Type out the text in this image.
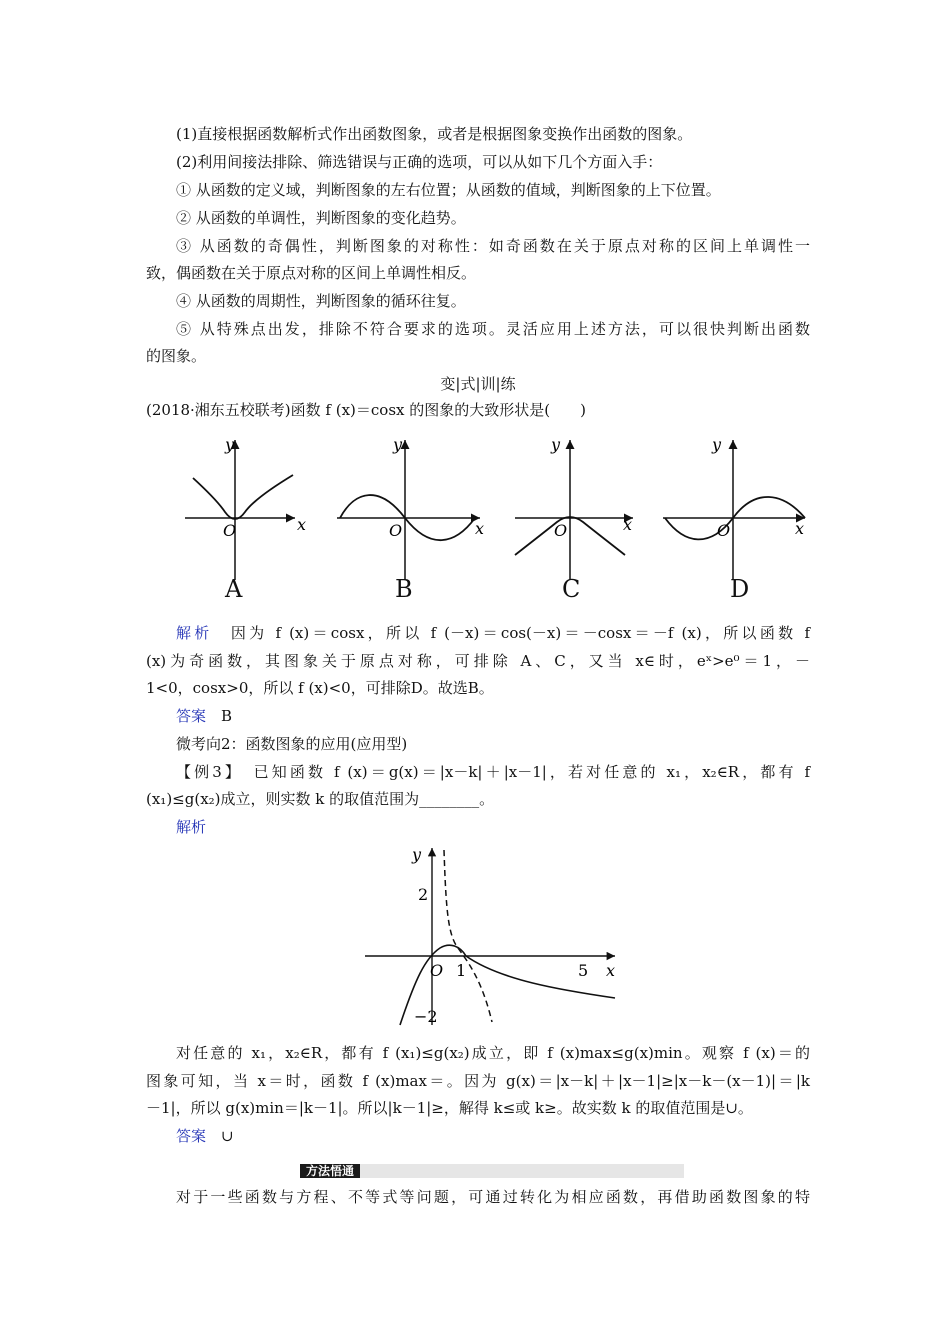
(1)直接根据函数解析式作出函数图象，或者是根据图象变换作出函数的图象。
(2)利用间接法排除、筛选错误与正确的选项，可以从如下几个方面入手：
① 从函数的定义域，判断图象的左右位置；从函数的值域，判断图象的上下位置。
② 从函数的单调性，判断图象的变化趋势。
③ 从函数的奇偶性，判断图象的对称性：如奇函数在关于原点对称的区间上单调性一
致，偶函数在关于原点对称的区间上单调性相反。
④ 从函数的周期性，判断图象的循环往复。
⑤ 从特殊点出发，排除不符合要求的选项。灵活应用上述方法，可以很快判断出函数
的图象。
变|式|训|练
(2018·湘东五校联考)函数 f (x)＝cosx 的图象的大致形状是(　　)
O	x
y
O	x
y
O	x
y
O	x
y
A	B	C	D
解析　因为 f (x)＝cosx，所以 f (－x)＝cos(－x)＝－cosx＝－f (x)，所以函数 f
(x)为奇函数，其图象关于原点对称，可排除 A、C，又当 x∈时，eˣ>e⁰＝1，－
1<0，cosx>0，所以 f (x)<0，可排除D。故选B。
答案　 B
微考向2：函数图象的应用(应用型)
【例3】　已知函数 f (x)＝g(x)＝|x－k|＋|x－1|，若对任意的 x₁，x₂∈R，都有 f
(x₁)≤g(x₂)成立，则实数 k 的取值范围为________。
解析
y
x
2
−2
O 1	5
对任意的 x₁，x₂∈R，都有 f (x₁)≤g(x₂)成立，即 f (x)max≤g(x)min。观察 f (x)＝的
图象可知，当 x＝时，函数 f (x)max＝。因为 g(x)＝|x－k|＋|x－1|≥|x－k－(x－1)|＝|k
－1|，所以 g(x)min＝|k－1|。所以|k－1|≥，解得 k≤或 k≥。故实数 k 的取值范围是∪。
答案　 ∪
方法悟通
对于一些函数与方程、不等式等问题，可通过转化为相应函数，再借助函数图象的特
